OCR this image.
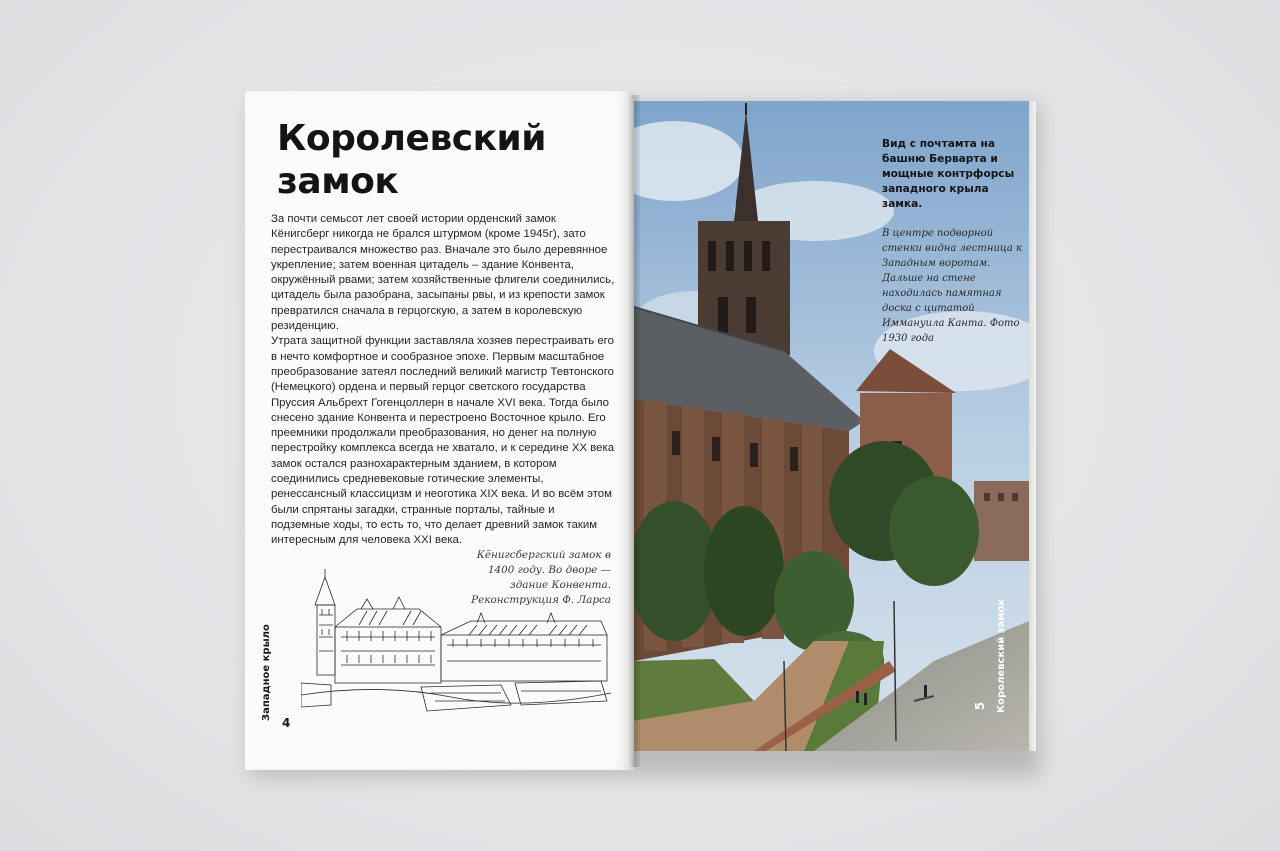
Королевский
замок

За почти семьсот лет своей истории орденский замок Кёнигсберг никогда не брался штурмом (кроме 1945г), зато перестраивался множество раз. Вначале это было деревянное укрепление; затем военная цитадель – здание Конвента, окружённый рвами; затем хозяйственные флигели соединились, цитадель была разобрана, засыпаны рвы, и из крепости замок превратился сначала в герцогскую, а затем в королевскую резиденцию.

Утрата защитной функции заставляла хозяев перестраивать его в нечто комфортное и сообразное эпохе. Первым масштабное преобразование затеял последний великий магистр Тевтонского (Немецкого) ордена и первый герцог светского государства Пруссия Альбрехт Гогенцоллерн в начале XVI века. Тогда было снесено здание Конвента и перестроено Восточное крыло. Его преемники продолжали преобразования, но денег на полную перестройку комплекса всегда не хватало, и к середине XX века замок остался разнохарактерным зданием, в котором соединились средневековые готические элементы, ренессансный классицизм и неоготика XIX века. И во всём этом были спрятаны загадки, странные порталы, тайные и подземные ходы, то есть то, что делает древний замок таким интересным для человека XXI века.

Кёнигсбергский замок в 1400 году. Во дворе — здание Конвента. Реконструкция Ф. Ларса
Западное крыло
4
Вид с почтамта на башню Берварта и мощные контрфорсы западного крыла замка.
В центре подворной стенки видна лестница к Западным воротам. Дальше на стене находилась памятная доска с цитатой Иммануила Канта. Фото 1930 года
Королевский замок
5
